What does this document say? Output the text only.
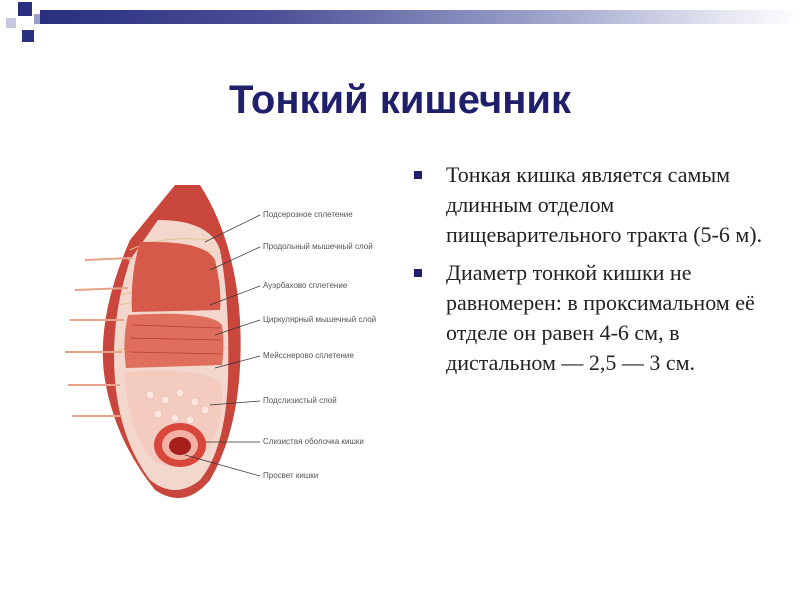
Тонкий кишечник
Подсерозное сплетение
Продольный мышечный слой
Ауэрбахово сплетение
Циркулярный мышечный слой
Мейсснерово сплетение
Подслизистый слой
Слизистая оболочка кишки
Просвет кишки
Тонкая кишка является самым длинным отделом пищеварительного тракта (5-6 м).
Диаметр тонкой кишки не равномерен: в проксимальном её отделе он равен 4-6 см, в дистальном — 2,5 — 3 см.
